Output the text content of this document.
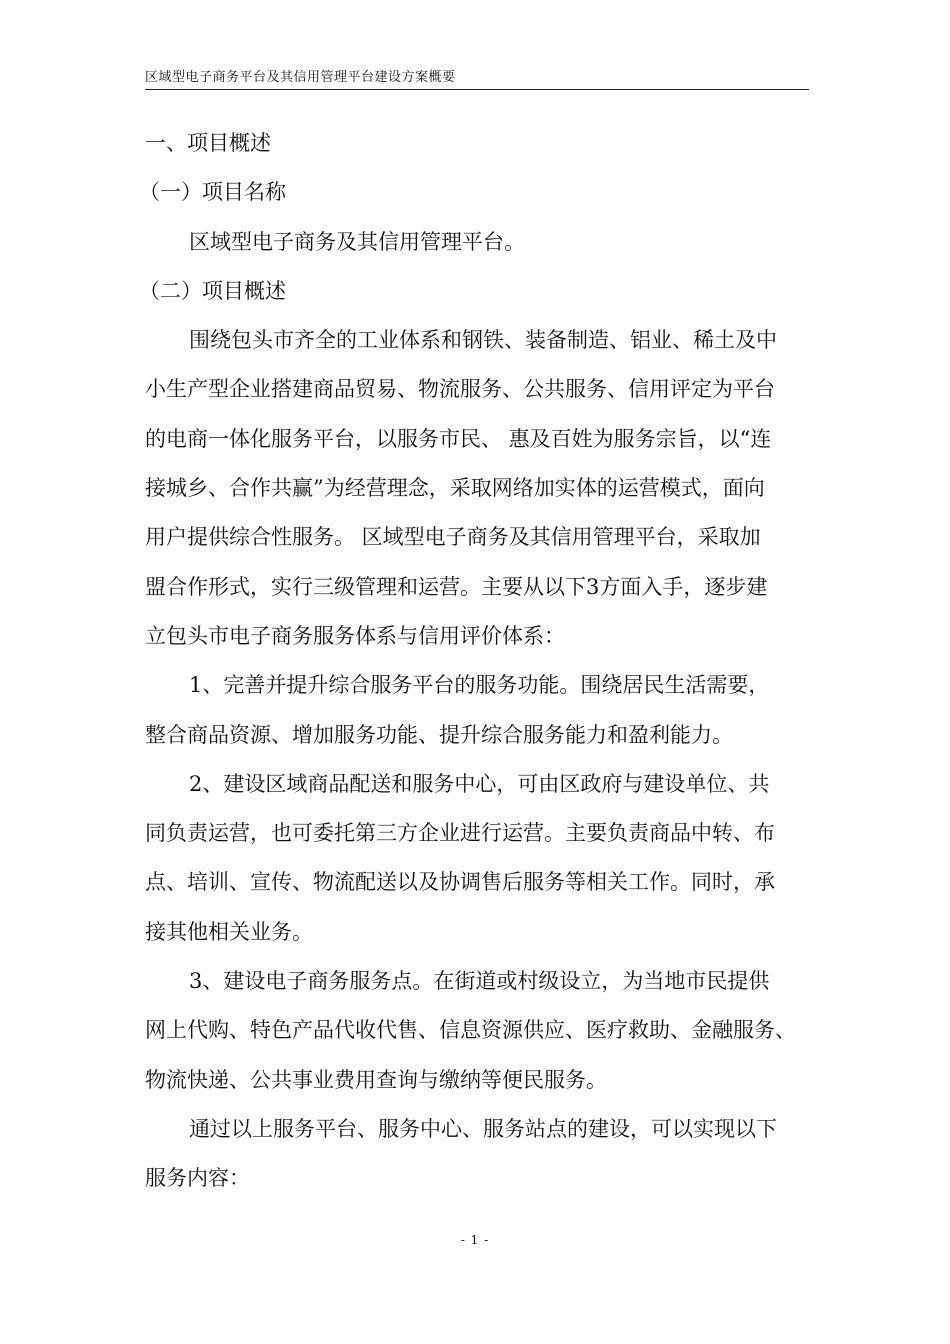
区域型电子商务平台及其信用管理平台建设方案概要
一、项目概述
（一）项目名称
区域型电子商务及其信用管理平台。
（二）项目概述
围绕包头市齐全的工业体系和钢铁、装备制造、铝业、稀土及中
小生产型企业搭建商品贸易、物流服务、公共服务、信用评定为平台
的电商一体化服务平台，以服务市民、 惠及百姓为服务宗旨，以“连
接城乡、合作共赢”为经营理念，采取网络加实体的运营模式，面向
用户提供综合性服务。 区域型电子商务及其信用管理平台，采取加
盟合作形式，实行三级管理和运营。主要从以下3方面入手，逐步建
立包头市电子商务服务体系与信用评价体系：
1、完善并提升综合服务平台的服务功能。围绕居民生活需要，
整合商品资源、增加服务功能、提升综合服务能力和盈利能力。
2、建设区域商品配送和服务中心，可由区政府与建设单位、共
同负责运营，也可委托第三方企业进行运营。主要负责商品中转、布
点、培训、宣传、物流配送以及协调售后服务等相关工作。同时，承
接其他相关业务。
3、建设电子商务服务点。在街道或村级设立，为当地市民提供
网上代购、特色产品代收代售、信息资源供应、医疗救助、金融服务、
物流快递、公共事业费用查询与缴纳等便民服务。
通过以上服务平台、服务中心、服务站点的建设，可以实现以下
服务内容：
- 1 -
